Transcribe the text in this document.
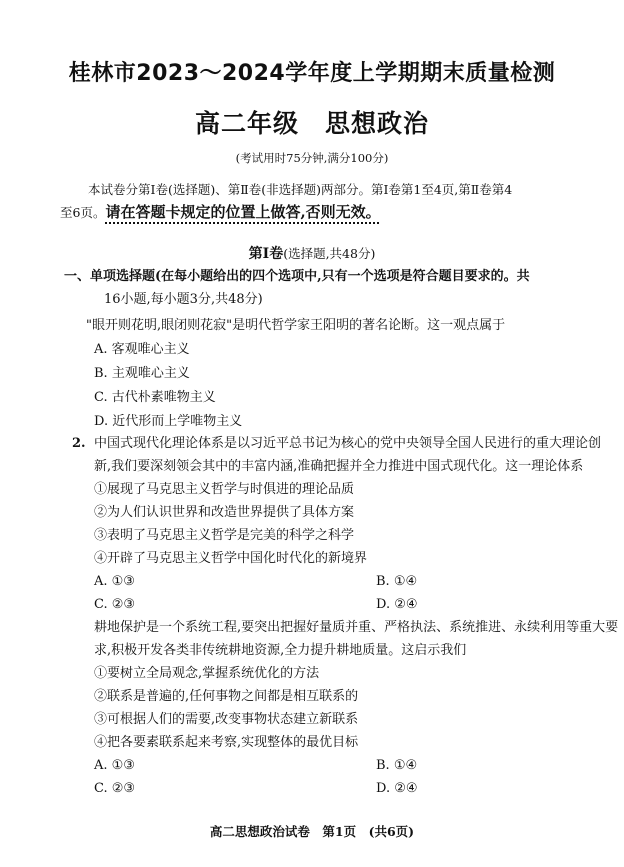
桂林市2023～2024学年度上学期期末质量检测
高二年级　思想政治
(考试用时75分钟,满分100分)
本试卷分第Ⅰ卷(选择题)、第Ⅱ卷(非选择题)两部分。第Ⅰ卷第1至4页,第Ⅱ卷第4
至6页。请在答题卡规定的位置上做答,否则无效。
第Ⅰ卷(选择题,共48分)
一、单项选择题(在每小题给出的四个选项中,只有一个选项是符合题目要求的。共
16小题,每小题3分,共48分)
"眼开则花明,眼闭则花寂"是明代哲学家王阳明的著名论断。这一观点属于
A. 客观唯心主义
B. 主观唯心主义
C. 古代朴素唯物主义
D. 近代形而上学唯物主义
2. 中国式现代化理论体系是以习近平总书记为核心的党中央领导全国人民进行的重大理论创
新,我们要深刻领会其中的丰富内涵,准确把握并全力推进中国式现代化。这一理论体系
①展现了马克思主义哲学与时俱进的理论品质
②为人们认识世界和改造世界提供了具体方案
③表明了马克思主义哲学是完美的科学之科学
④开辟了马克思主义哲学中国化时代化的新境界
A. ①③	B. ①④
C. ②③	D. ②④
耕地保护是一个系统工程,要突出把握好量质并重、严格执法、系统推进、永续利用等重大要
求,积极开发各类非传统耕地资源,全力提升耕地质量。这启示我们
①要树立全局观念,掌握系统优化的方法
②联系是普遍的,任何事物之间都是相互联系的
③可根据人们的需要,改变事物状态建立新联系
④把各要素联系起来考察,实现整体的最优目标
A. ①③	B. ①④
C. ②③	D. ②④
高二思想政治试卷　第1页　(共6页)
